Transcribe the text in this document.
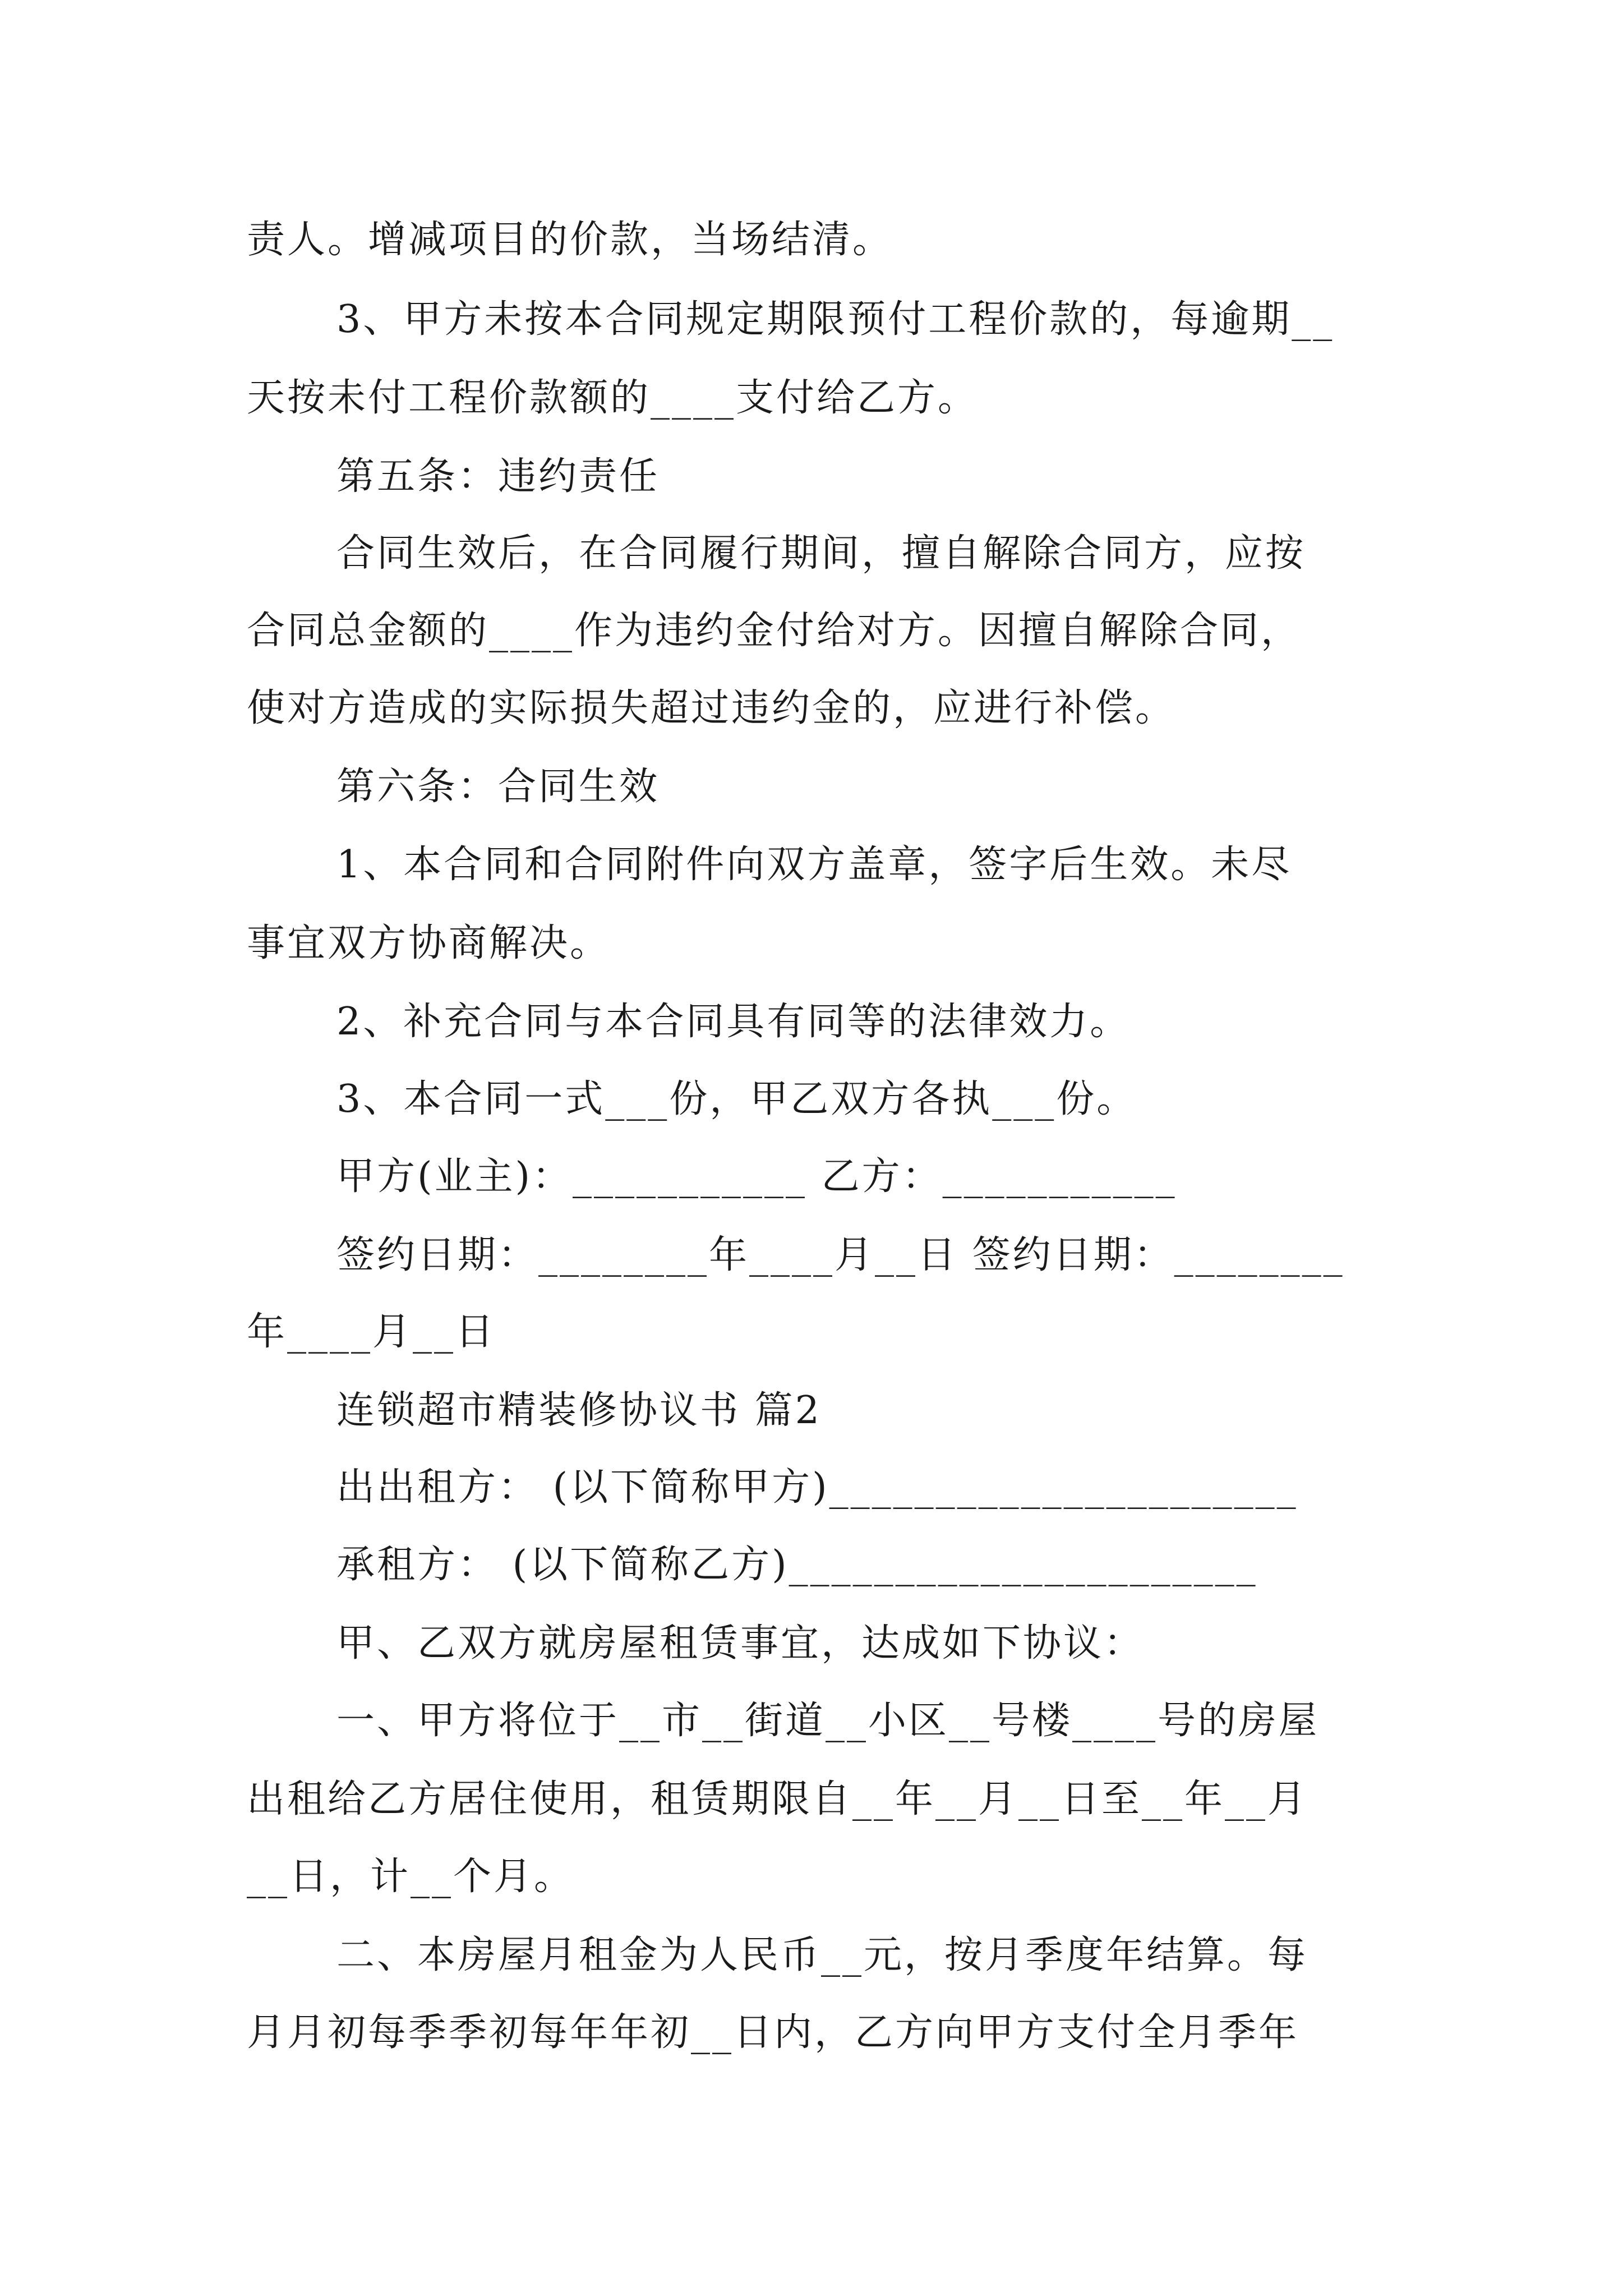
责人。增减项目的价款，当场结清。
3、甲方未按本合同规定期限预付工程价款的，每逾期__
天按未付工程价款额的____支付给乙方。
第五条：违约责任
合同生效后，在合同履行期间，擅自解除合同方，应按
合同总金额的____作为违约金付给对方。因擅自解除合同，
使对方造成的实际损失超过违约金的，应进行补偿。
第六条：合同生效
1、本合同和合同附件向双方盖章，签字后生效。未尽
事宜双方协商解决。
2、补充合同与本合同具有同等的法律效力。
3、本合同一式___份，甲乙双方各执___份。
甲方(业主)：___________ 乙方：___________
签约日期：________年____月__日 签约日期：________
年____月__日
连锁超市精装修协议书 篇2
出出租方： (以下简称甲方)______________________
承租方： (以下简称乙方)______________________
甲、乙双方就房屋租赁事宜，达成如下协议：
一、甲方将位于__市__街道__小区__号楼____号的房屋
出租给乙方居住使用，租赁期限自__年__月__日至__年__月
__日，计__个月。
二、本房屋月租金为人民币__元，按月季度年结算。每
月月初每季季初每年年初__日内，乙方向甲方支付全月季年
